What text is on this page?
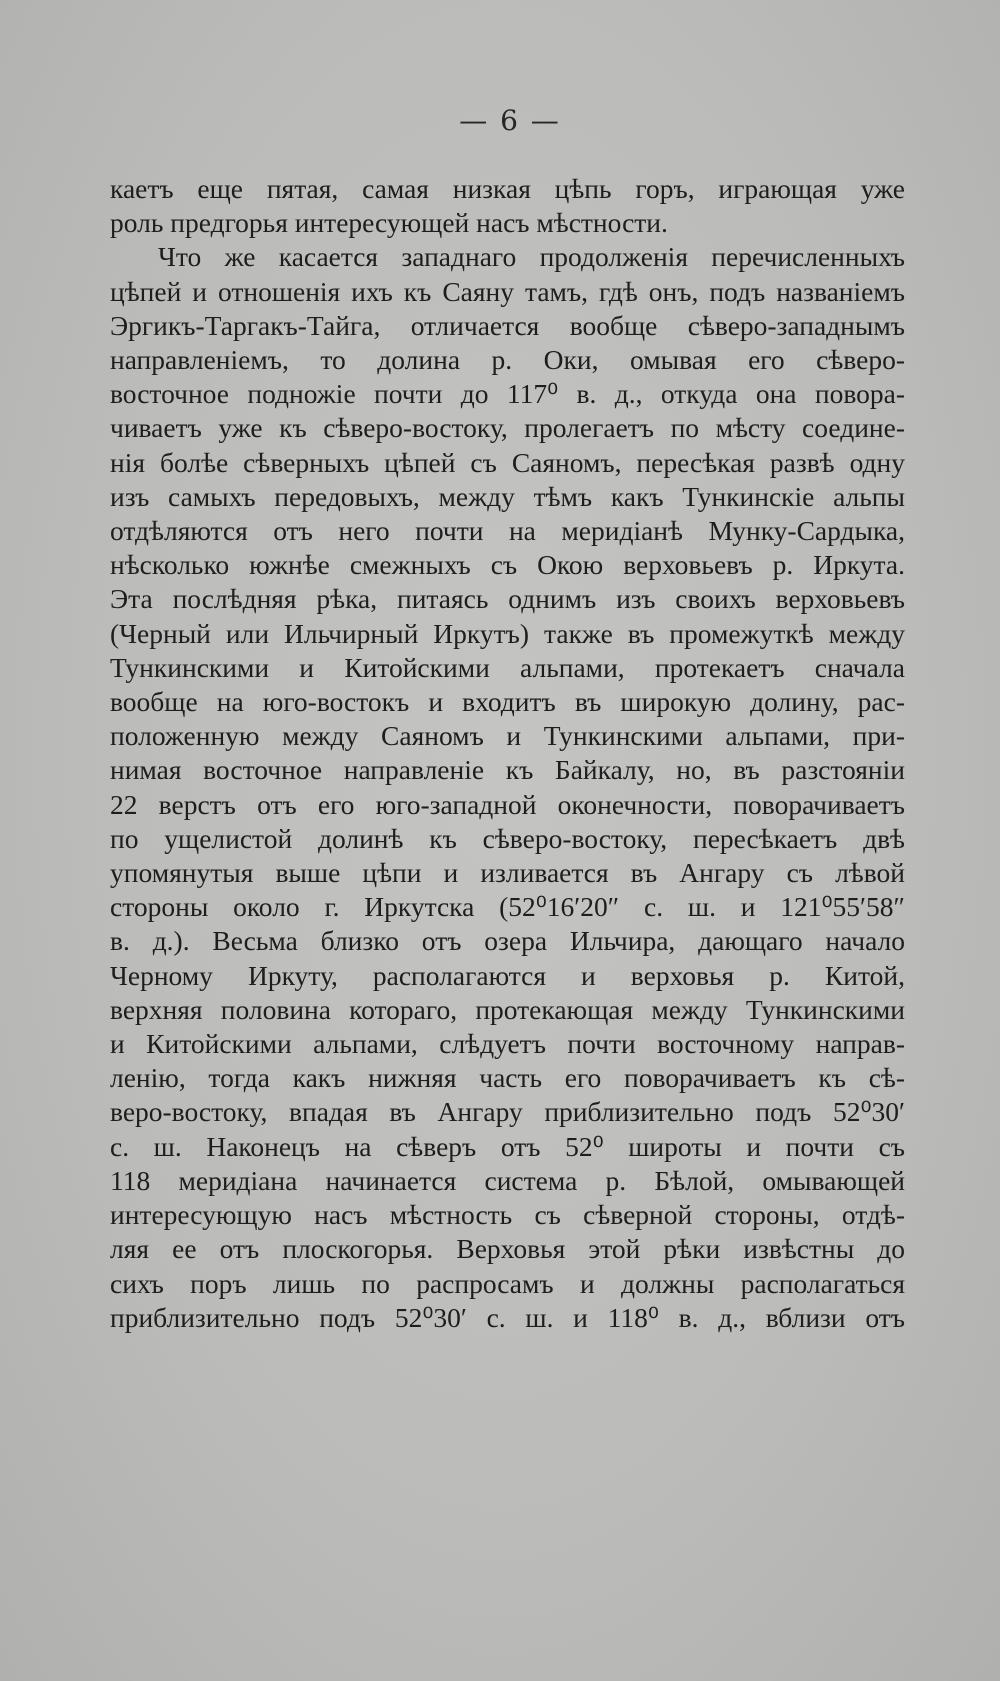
— 6 —
каетъ еще пятая, самая низкая цѣпь горъ, играющая уже
роль предгорья интересующей насъ мѣстности.
Что же касается западнаго продолженія перечисленныхъ
цѣпей и отношенія ихъ къ Саяну тамъ, гдѣ онъ, подъ названіемъ
Эргикъ-Таргакъ-Тайга, отличается вообще сѣверо-западнымъ
направленіемъ, то долина р. Оки, омывая его сѣверо-
восточное подножіе почти до 117⁰ в. д., откуда она повора-
чиваетъ уже къ сѣверо-востоку, пролегаетъ по мѣсту соедине-
нія болѣе сѣверныхъ цѣпей съ Саяномъ, пересѣкая развѣ одну
изъ самыхъ передовыхъ, между тѣмъ какъ Тункинскіе альпы
отдѣляются отъ него почти на меридіанѣ Мунку-Сардыка,
нѣсколько южнѣе смежныхъ съ Окою верховьевъ р. Иркута.
Эта послѣдняя рѣка, питаясь однимъ изъ своихъ верховьевъ
(Черный или Ильчирный Иркутъ) также въ промежуткѣ между
Тункинскими и Китойскими альпами, протекаетъ сначала
вообще на юго-востокъ и входитъ въ широкую долину, рас-
положенную между Саяномъ и Тункинскими альпами, при-
нимая восточное направленіе къ Байкалу, но, въ разстояніи
22 верстъ отъ его юго-западной оконечности, поворачиваетъ
по ущелистой долинѣ къ сѣверо-востоку, пересѣкаетъ двѣ
упомянутыя выше цѣпи и изливается въ Ангару съ лѣвой
стороны около г. Иркутска (52⁰16′20″ с. ш. и 121⁰55′58″
в. д.). Весьма близко отъ озера Ильчира, дающаго начало
Черному Иркуту, располагаются и верховья р. Китой,
верхняя половина котораго, протекающая между Тункинскими
и Китойскими альпами, слѣдуетъ почти восточному направ-
ленію, тогда какъ нижняя часть его поворачиваетъ къ сѣ-
веро-востоку, впадая въ Ангару приблизительно подъ 52⁰30′
с. ш. Наконецъ на сѣверъ отъ 52⁰ широты и почти съ
118 меридіана начинается система р. Бѣлой, омывающей
интересующую насъ мѣстность съ сѣверной стороны, отдѣ-
ляя ее отъ плоскогорья. Верховья этой рѣки извѣстны до
сихъ поръ лишь по распросамъ и должны располагаться
приблизительно подъ 52⁰30′ с. ш. и 118⁰ в. д., вблизи отъ
